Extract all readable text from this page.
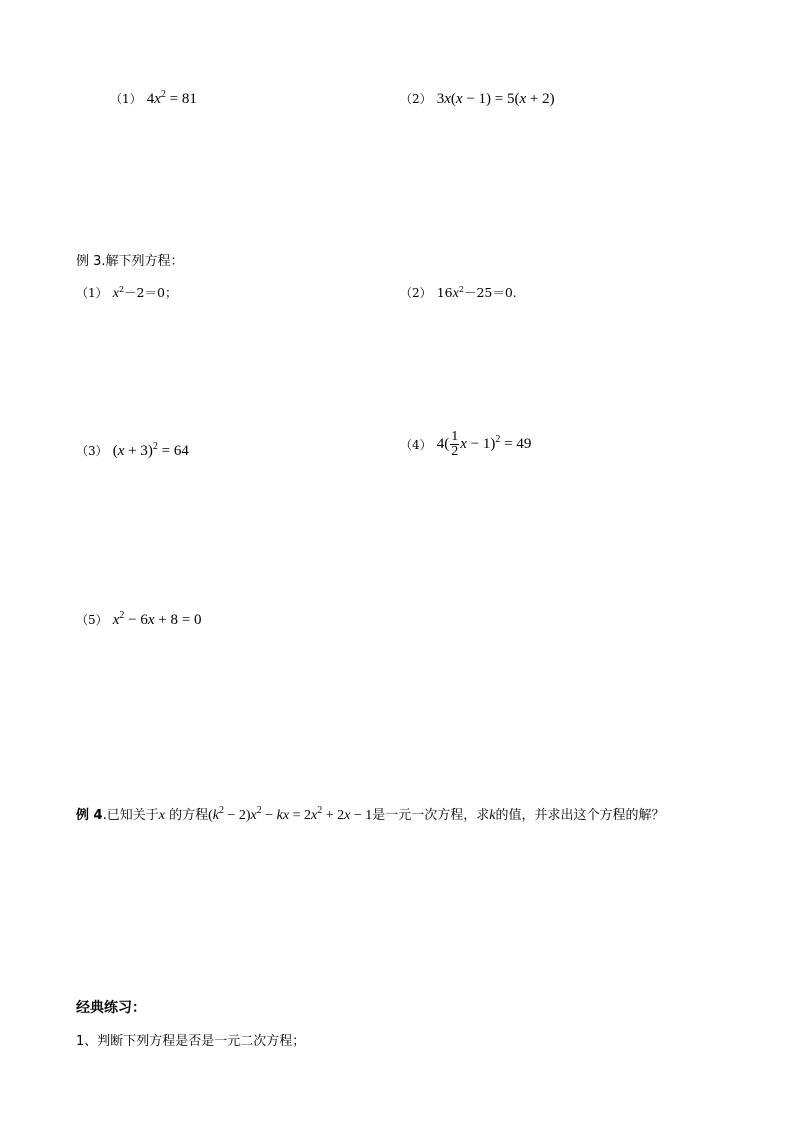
（1） $4x^2 = 81$	（2） 3x(x − 1) = 5(x + 2)
例 3.解下列方程：
（1） $x^2-2=0$；	（2） $16x^2-25=0$.
（3） $(x + 3)^2 = 64$	（4） $4( \frac{1}{2}$ $x - 1)^2 = 49$
（5） $x^2 - 6x + 8 = 0$
例 4.已知关于x 的方程$(k^2 - 2)x^2$ − kx = $2x^2 + 2x - 1$是一元一次方程，求k的值，并求出这个方程的解？
经典练习：
1、判断下列方程是否是一元二次方程；
